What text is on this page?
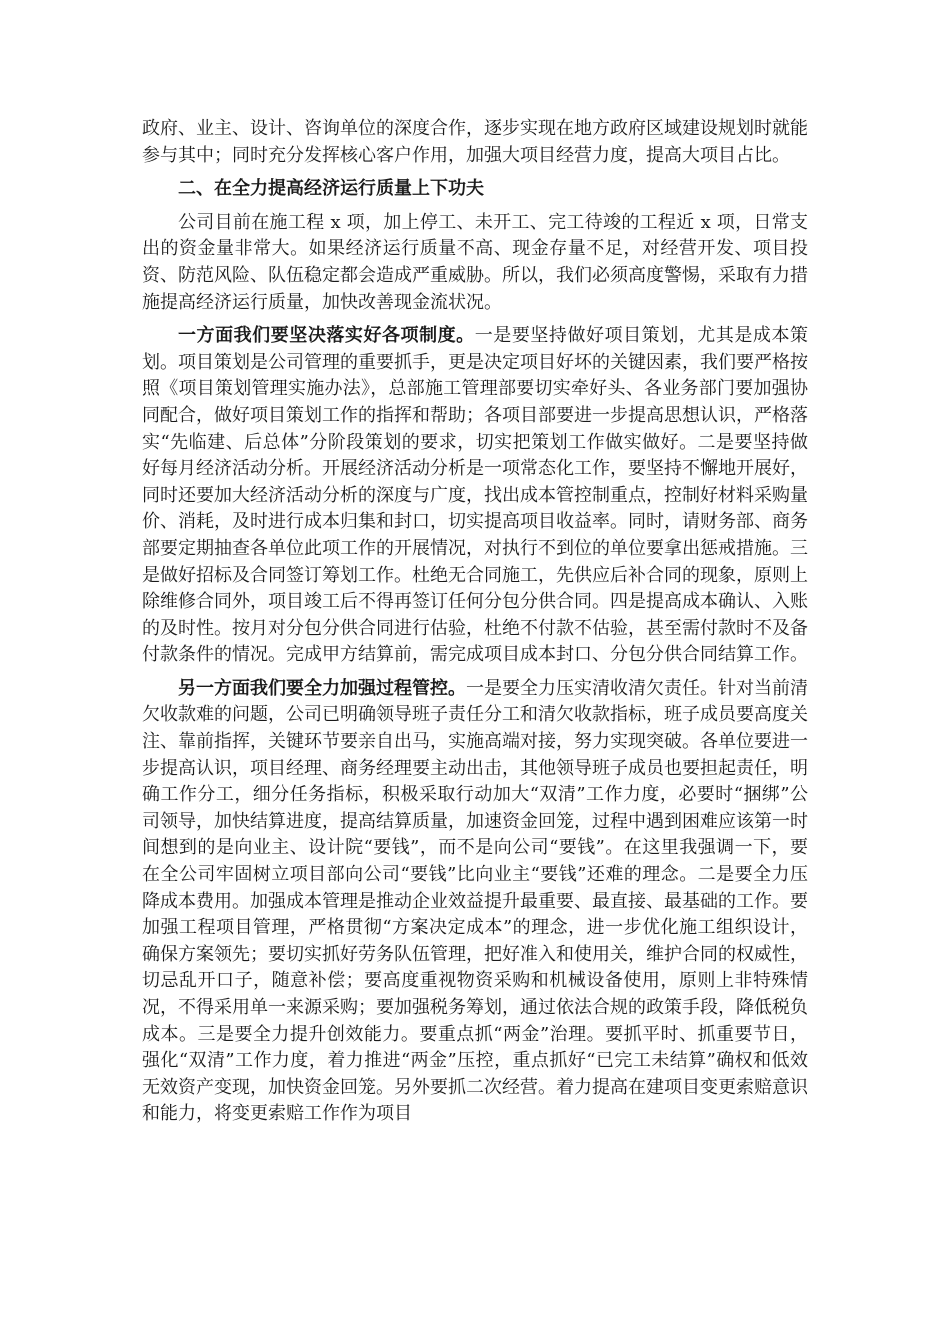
政府、业主、设计、咨询单位的深度合作，逐步实现在地方政府区域建设规划时就能参与其中；同时充分发挥核心客户作用，加强大项目经营力度，提高大项目占比。

二、在全力提高经济运行质量上下功夫

公司目前在施工程 x 项，加上停工、未开工、完工待竣的工程近 x 项，日常支出的资金量非常大。如果经济运行质量不高、现金存量不足，对经营开发、项目投资、防范风险、队伍稳定都会造成严重威胁。所以，我们必须高度警惕，采取有力措施提高经济运行质量，加快改善现金流状况。

一方面我们要坚决落实好各项制度。一是要坚持做好项目策划，尤其是成本策划。项目策划是公司管理的重要抓手，更是决定项目好坏的关键因素，我们要严格按照《项目策划管理实施办法》，总部施工管理部要切实牵好头、各业务部门要加强协同配合，做好项目策划工作的指挥和帮助；各项目部要进一步提高思想认识，严格落实“先临建、后总体”分阶段策划的要求，切实把策划工作做实做好。二是要坚持做好每月经济活动分析。开展经济活动分析是一项常态化工作，要坚持不懈地开展好，同时还要加大经济活动分析的深度与广度，找出成本管控制重点，控制好材料采购量价、消耗，及时进行成本归集和封口，切实提高项目收益率。同时，请财务部、商务部要定期抽查各单位此项工作的开展情况，对执行不到位的单位要拿出惩戒措施。三是做好招标及合同签订筹划工作。杜绝无合同施工，先供应后补合同的现象，原则上除维修合同外，项目竣工后不得再签订任何分包分供合同。四是提高成本确认、入账的及时性。按月对分包分供合同进行估验，杜绝不付款不估验，甚至需付款时不及备付款条件的情况。完成甲方结算前，需完成项目成本封口、分包分供合同结算工作。

另一方面我们要全力加强过程管控。一是要全力压实清收清欠责任。针对当前清欠收款难的问题，公司已明确领导班子责任分工和清欠收款指标，班子成员要高度关注、靠前指挥，关键环节要亲自出马，实施高端对接，努力实现突破。各单位要进一步提高认识，项目经理、商务经理要主动出击，其他领导班子成员也要担起责任，明确工作分工，细分任务指标，积极采取行动加大“双清”工作力度，必要时“捆绑”公司领导，加快结算进度，提高结算质量，加速资金回笼，过程中遇到困难应该第一时间想到的是向业主、设计院“要钱”，而不是向公司“要钱”。在这里我强调一下，要在全公司牢固树立项目部向公司“要钱”比向业主“要钱”还难的理念。二是要全力压降成本费用。加强成本管理是推动企业效益提升最重要、最直接、最基础的工作。要加强工程项目管理，严格贯彻“方案决定成本”的理念，进一步优化施工组织设计，确保方案领先；要切实抓好劳务队伍管理，把好准入和使用关，维护合同的权威性，切忌乱开口子，随意补偿；要高度重视物资采购和机械设备使用，原则上非特殊情况，不得采用单一来源采购；要加强税务筹划，通过依法合规的政策手段，降低税负成本。三是要全力提升创效能力。要重点抓“两金”治理。要抓平时、抓重要节日，强化“双清”工作力度，着力推进“两金”压控，重点抓好“已完工未结算”确权和低效无效资产变现，加快资金回笼。另外要抓二次经营。着力提高在建项目变更索赔意识和能力，将变更索赔工作作为项目
